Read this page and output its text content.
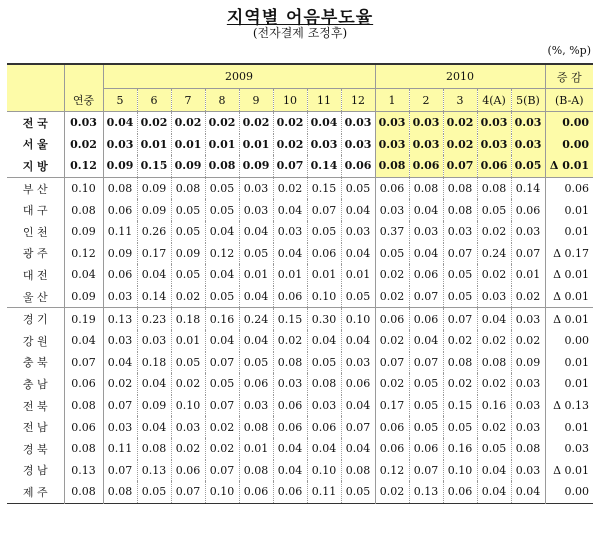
지역별 어음부도율
(전자결제 조정후)
(%, %p)
		2009								2010					증 감
	연중	5	6	7	8	9	10	11	12	1	2	3	4(A)	5(B)	(B-A)
전 국	0.03	0.04	0.02	0.02	0.02	0.02	0.02	0.04	0.03	0.03	0.03	0.02	0.03	0.03	0.00
서 울	0.02	0.03	0.01	0.01	0.01	0.01	0.02	0.03	0.03	0.03	0.03	0.02	0.03	0.03	0.00
지 방	0.12	0.09	0.15	0.09	0.08	0.09	0.07	0.14	0.06	0.08	0.06	0.07	0.06	0.05	Δ 0.01
부 산	0.10	0.08	0.09	0.08	0.05	0.03	0.02	0.15	0.05	0.06	0.08	0.08	0.08	0.14	0.06
대 구	0.08	0.06	0.09	0.05	0.05	0.03	0.04	0.07	0.04	0.03	0.04	0.08	0.05	0.06	0.01
인 천	0.09	0.11	0.26	0.05	0.04	0.04	0.03	0.05	0.03	0.37	0.03	0.03	0.02	0.03	0.01
광 주	0.12	0.09	0.17	0.09	0.12	0.05	0.04	0.06	0.04	0.05	0.04	0.07	0.24	0.07	Δ 0.17
대 전	0.04	0.06	0.04	0.05	0.04	0.01	0.01	0.01	0.01	0.02	0.06	0.05	0.02	0.01	Δ 0.01
울 산	0.09	0.03	0.14	0.02	0.05	0.04	0.06	0.10	0.05	0.02	0.07	0.05	0.03	0.02	Δ 0.01
경 기	0.19	0.13	0.23	0.18	0.16	0.24	0.15	0.30	0.10	0.06	0.06	0.07	0.04	0.03	Δ 0.01
강 원	0.04	0.03	0.03	0.01	0.04	0.04	0.02	0.04	0.04	0.02	0.04	0.02	0.02	0.02	0.00
충 북	0.07	0.04	0.18	0.05	0.07	0.05	0.08	0.05	0.03	0.07	0.07	0.08	0.08	0.09	0.01
충 남	0.06	0.02	0.04	0.02	0.05	0.06	0.03	0.08	0.06	0.02	0.05	0.02	0.02	0.03	0.01
전 북	0.08	0.07	0.09	0.10	0.07	0.03	0.06	0.03	0.04	0.17	0.05	0.15	0.16	0.03	Δ 0.13
전 남	0.06	0.03	0.04	0.03	0.02	0.08	0.06	0.06	0.07	0.06	0.05	0.05	0.02	0.03	0.01
경 북	0.08	0.11	0.08	0.02	0.02	0.01	0.04	0.04	0.04	0.06	0.06	0.16	0.05	0.08	0.03
경 남	0.13	0.07	0.13	0.06	0.07	0.08	0.04	0.10	0.08	0.12	0.07	0.10	0.04	0.03	Δ 0.01
제 주	0.08	0.08	0.05	0.07	0.10	0.06	0.06	0.11	0.05	0.02	0.13	0.06	0.04	0.04	0.00
